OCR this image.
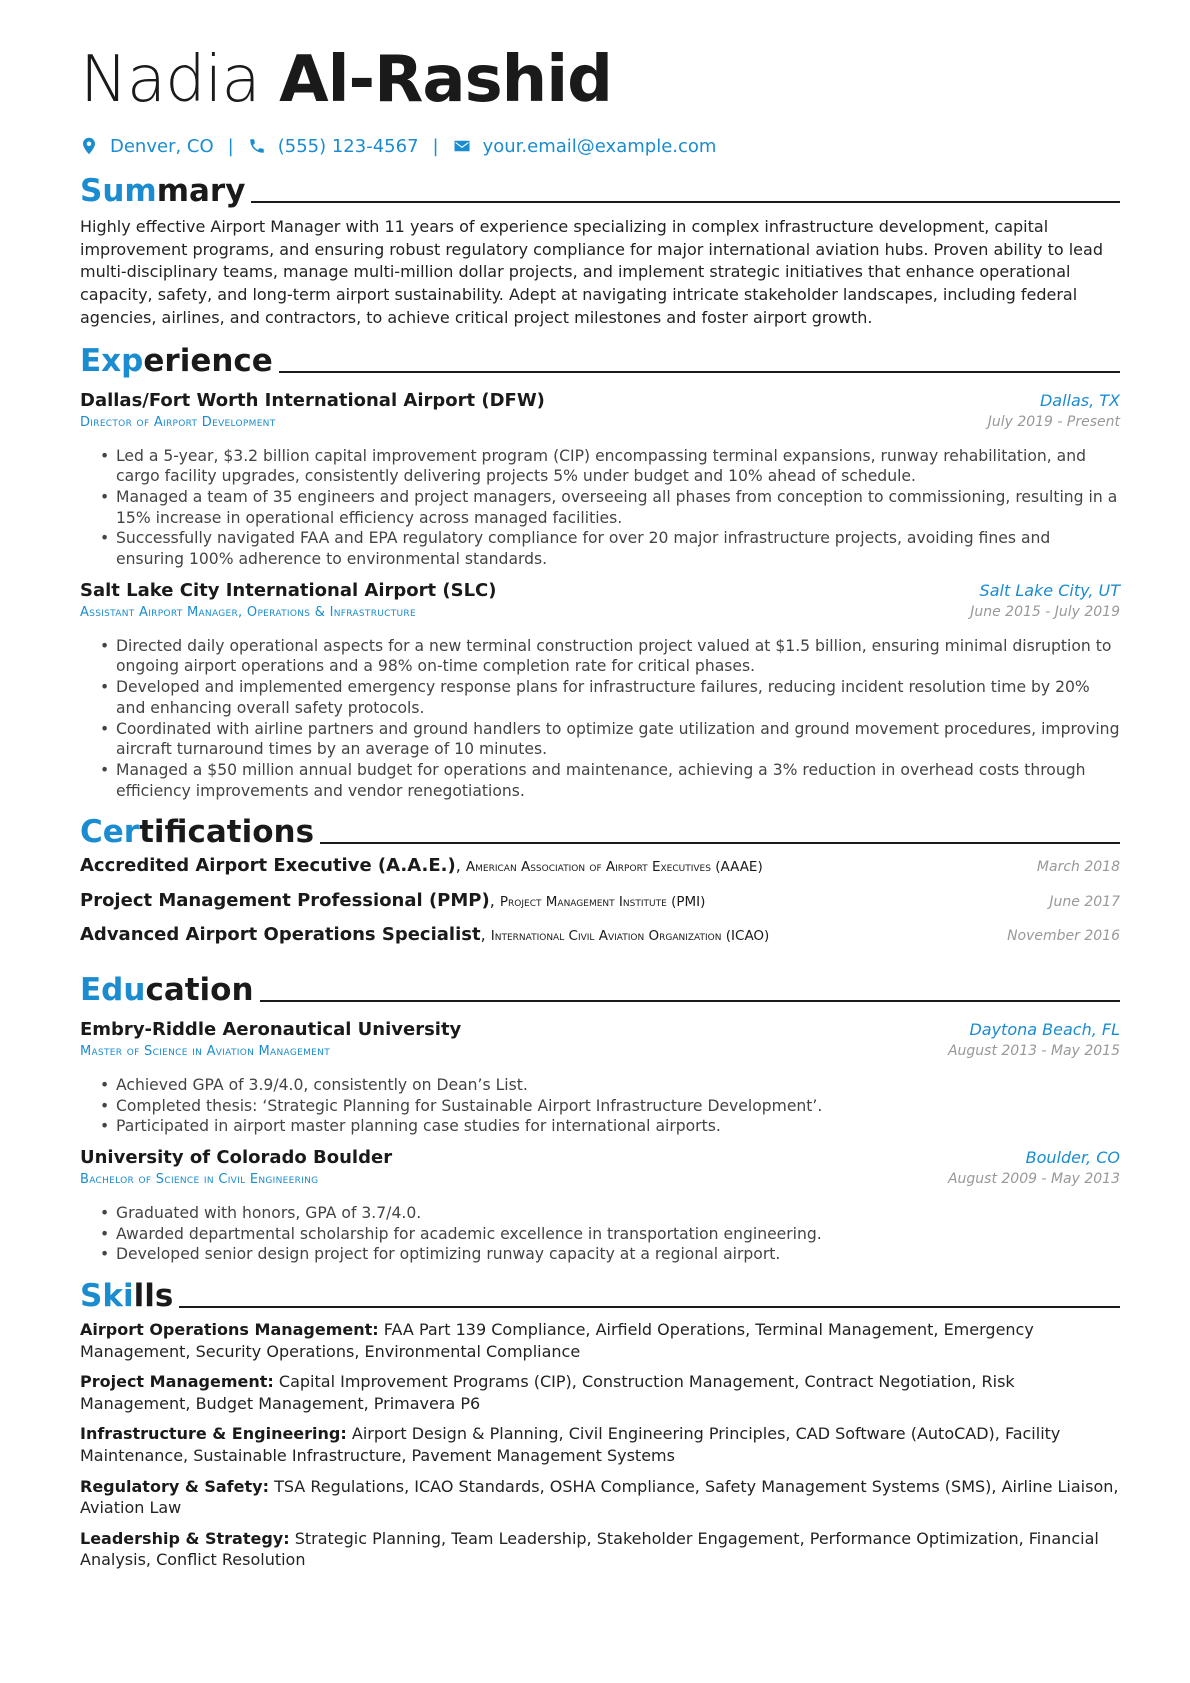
Nadia Al-Rashid
Denver, CO | (555) 123-4567 | your.email@example.com
Summary
Highly effective Airport Manager with 11 years of experience specializing in complex infrastructure development, capital improvement programs, and ensuring robust regulatory compliance for major international aviation hubs. Proven ability to lead multi-disciplinary teams, manage multi-million dollar projects, and implement strategic initiatives that enhance operational capacity, safety, and long-term airport sustainability. Adept at navigating intricate stakeholder landscapes, including federal agencies, airlines, and contractors, to achieve critical project milestones and foster airport growth.
Experience
Dallas/Fort Worth International Airport (DFW)	Dallas, TX
Director of Airport Development	July 2019 - Present
• Led a 5-year, $3.2 billion capital improvement program (CIP) encompassing terminal expansions, runway rehabilitation, and cargo facility upgrades, consistently delivering projects 5% under budget and 10% ahead of schedule.
• Managed a team of 35 engineers and project managers, overseeing all phases from conception to commissioning, resulting in a 15% increase in operational efficiency across managed facilities.
• Successfully navigated FAA and EPA regulatory compliance for over 20 major infrastructure projects, avoiding fines and ensuring 100% adherence to environmental standards.
Salt Lake City International Airport (SLC)	Salt Lake City, UT
Assistant Airport Manager, Operations & Infrastructure	June 2015 - July 2019
• Directed daily operational aspects for a new terminal construction project valued at $1.5 billion, ensuring minimal disruption to ongoing airport operations and a 98% on-time completion rate for critical phases.
• Developed and implemented emergency response plans for infrastructure failures, reducing incident resolution time by 20% and enhancing overall safety protocols.
• Coordinated with airline partners and ground handlers to optimize gate utilization and ground movement procedures, improving aircraft turnaround times by an average of 10 minutes.
• Managed a $50 million annual budget for operations and maintenance, achieving a 3% reduction in overhead costs through efficiency improvements and vendor renegotiations.
Certifications
Accredited Airport Executive (A.A.E.), American Association of Airport Executives (AAAE)	March 2018
Project Management Professional (PMP), Project Management Institute (PMI)	June 2017
Advanced Airport Operations Specialist, International Civil Aviation Organization (ICAO)	November 2016
Education
Embry-Riddle Aeronautical University	Daytona Beach, FL
Master of Science in Aviation Management	August 2013 - May 2015
• Achieved GPA of 3.9/4.0, consistently on Dean’s List.
• Completed thesis: ‘Strategic Planning for Sustainable Airport Infrastructure Development’.
• Participated in airport master planning case studies for international airports.
University of Colorado Boulder	Boulder, CO
Bachelor of Science in Civil Engineering	August 2009 - May 2013
• Graduated with honors, GPA of 3.7/4.0.
• Awarded departmental scholarship for academic excellence in transportation engineering.
• Developed senior design project for optimizing runway capacity at a regional airport.
Skills
Airport Operations Management: FAA Part 139 Compliance, Airfield Operations, Terminal Management, Emergency Management, Security Operations, Environmental Compliance
Project Management: Capital Improvement Programs (CIP), Construction Management, Contract Negotiation, Risk Management, Budget Management, Primavera P6
Infrastructure & Engineering: Airport Design & Planning, Civil Engineering Principles, CAD Software (AutoCAD), Facility Maintenance, Sustainable Infrastructure, Pavement Management Systems
Regulatory & Safety: TSA Regulations, ICAO Standards, OSHA Compliance, Safety Management Systems (SMS), Airline Liaison, Aviation Law
Leadership & Strategy: Strategic Planning, Team Leadership, Stakeholder Engagement, Performance Optimization, Financial Analysis, Conflict Resolution
